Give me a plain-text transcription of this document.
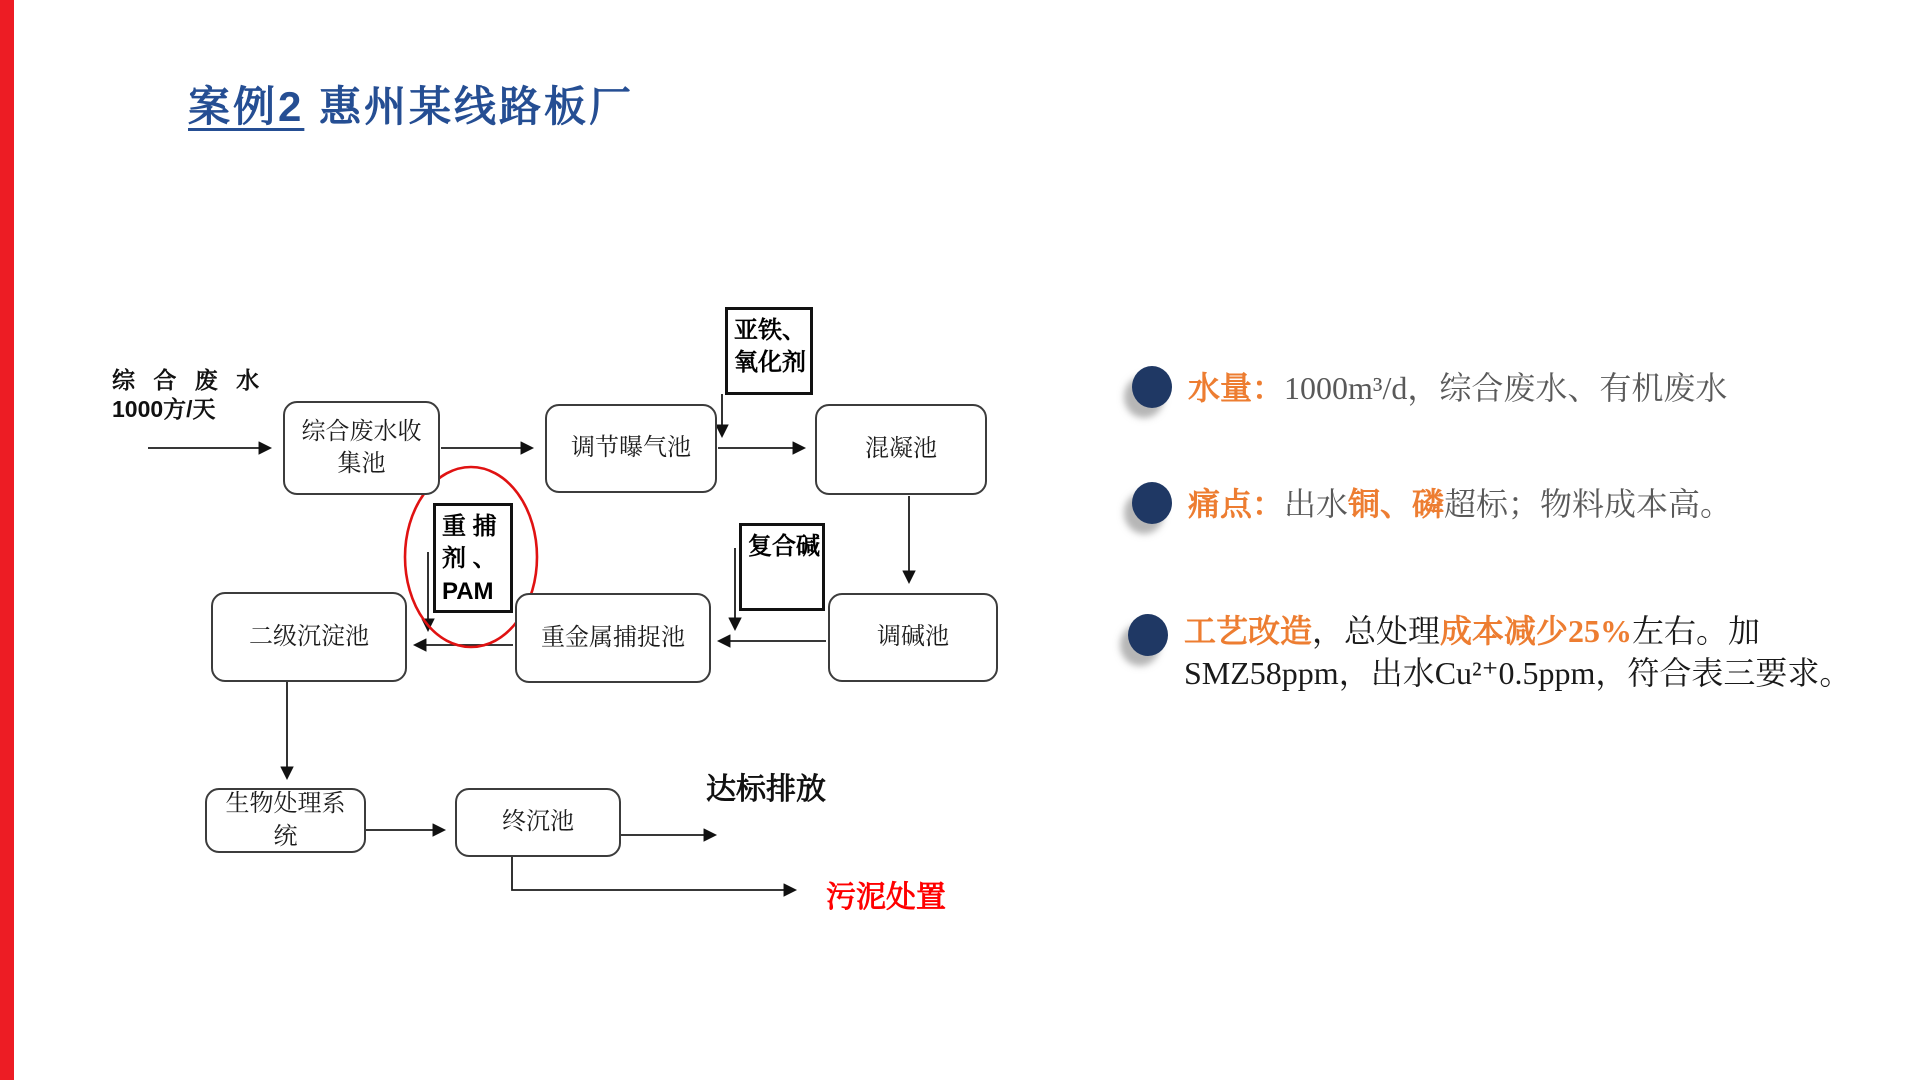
案例2 惠州某线路板厂
综 合 废 水
1000方/天
综合废水收集池
调节曝气池	混凝池
调碱池
重金属捕捉池
二级沉淀池
生物处理系统
终沉池
亚铁、
氧化剂
复合碱
重 捕
剂 、
PAM
达标排放
污泥处置
水量：1000m³/d，综合废水、有机废水
痛点：出水铜、磷超标；物料成本高。
工艺改造，总处理成本减少25%左右。加SMZ58ppm，出水Cu²⁺0.5ppm，符合表三要求。
